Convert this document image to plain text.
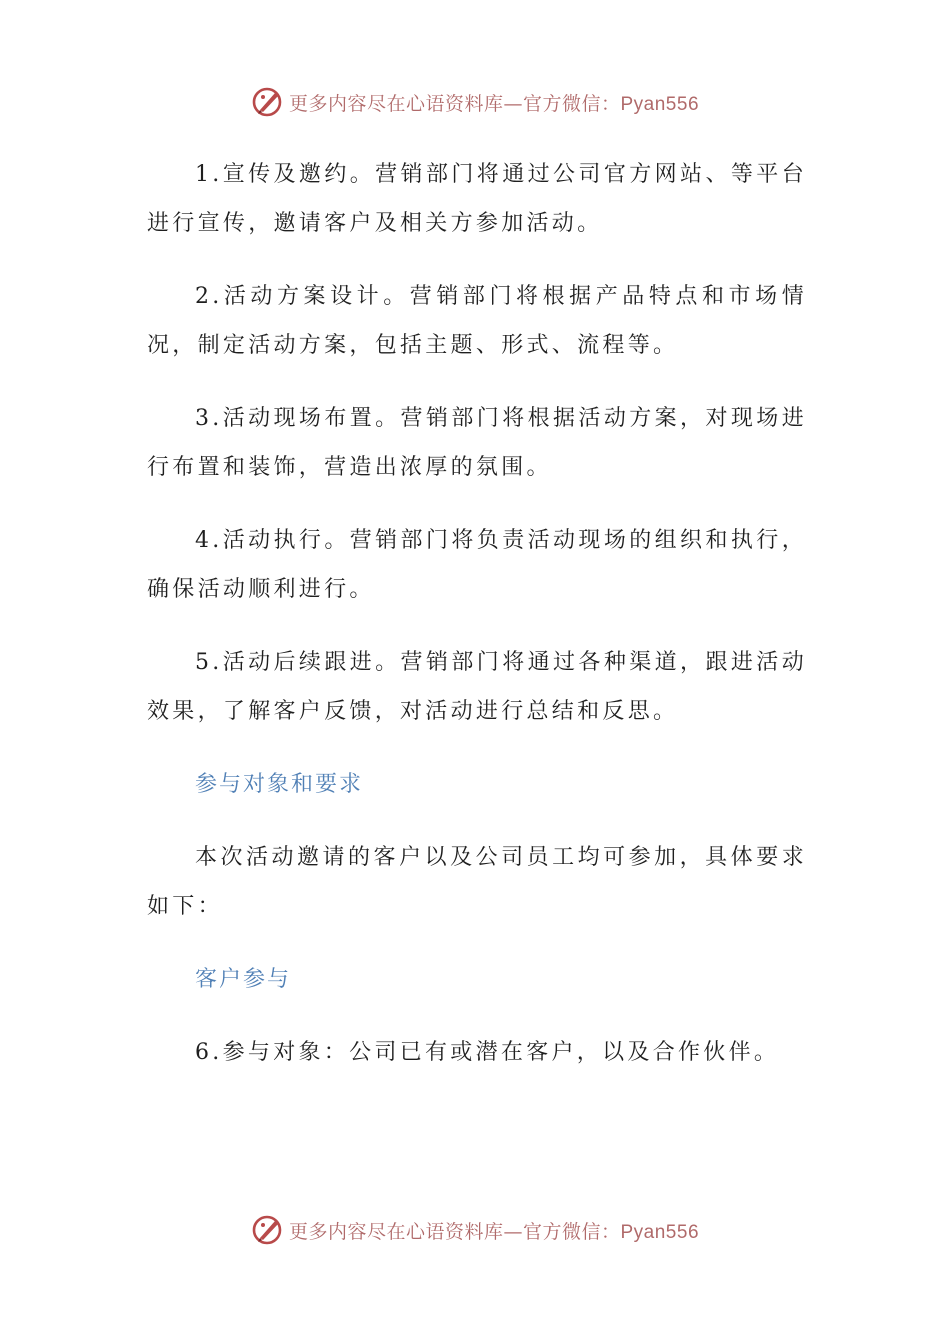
更多内容尽在心语资料库—官方微信：Pyan556

1.宣传及邀约。营销部门将通过公司官方网站、等平台进行宣传，邀请客户及相关方参加活动。

2.活动方案设计。营销部门将根据产品特点和市场情况，制定活动方案，包括主题、形式、流程等。

3.活动现场布置。营销部门将根据活动方案，对现场进行布置和装饰，营造出浓厚的氛围。

4.活动执行。营销部门将负责活动现场的组织和执行，确保活动顺利进行。

5.活动后续跟进。营销部门将通过各种渠道，跟进活动效果，了解客户反馈，对活动进行总结和反思。

参与对象和要求

本次活动邀请的客户以及公司员工均可参加，具体要求如下：

客户参与

6.参与对象：公司已有或潜在客户，以及合作伙伴。

更多内容尽在心语资料库—官方微信：Pyan556
